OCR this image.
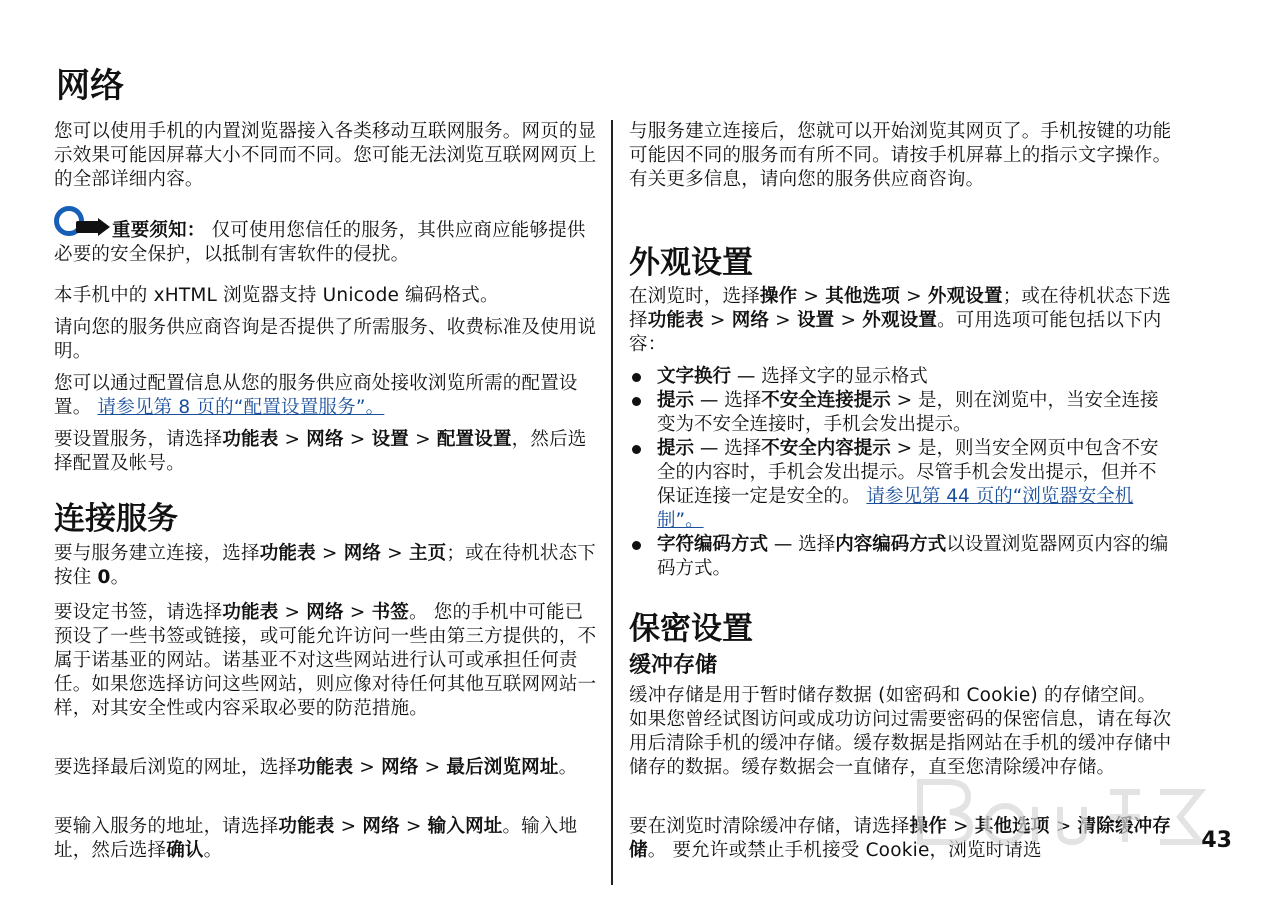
网络

您可以使用手机的内置浏览器接入各类移动互联网服务。网页的显示效果可能因屏幕大小不同而不同。您可能无法浏览互联网网页上的全部详细内容。

重要须知： 仅可使用您信任的服务，其供应商应能够提供必要的安全保护，以抵制有害软件的侵扰。

本手机中的 xHTML 浏览器支持 Unicode 编码格式。

请向您的服务供应商咨询是否提供了所需服务、收费标准及使用说明。

您可以通过配置信息从您的服务供应商处接收浏览所需的配置设置。 请参见第 8 页的“配置设置服务”。

要设置服务，请选择功能表 > 网络 > 设置 > 配置设置，然后选择配置及帐号。

连接服务

要与服务建立连接，选择功能表 > 网络 > 主页；或在待机状态下按住 0。

要设定书签，请选择功能表 > 网络 > 书签。 您的手机中可能已预设了一些书签或链接，或可能允许访问一些由第三方提供的，不属于诺基亚的网站。诺基亚不对这些网站进行认可或承担任何责任。如果您选择访问这些网站，则应像对待任何其他互联网网站一样，对其安全性或内容采取必要的防范措施。

要选择最后浏览的网址，选择功能表 > 网络 > 最后浏览网址。

要输入服务的地址，请选择功能表 > 网络 > 输入网址。输入地址，然后选择确认。

与服务建立连接后，您就可以开始浏览其网页了。手机按键的功能可能因不同的服务而有所不同。请按手机屏幕上的指示文字操作。有关更多信息，请向您的服务供应商咨询。

外观设置

在浏览时，选择操作 > 其他选项 > 外观设置；或在待机状态下选择功能表 > 网络 > 设置 > 外观设置。可用选项可能包括以下内容：

文字换行 — 选择文字的显示格式
提示 — 选择不安全连接提示 > 是，则在浏览中，当安全连接变为不安全连接时，手机会发出提示。
提示 — 选择不安全内容提示 > 是，则当安全网页中包含不安全的内容时，手机会发出提示。尽管手机会发出提示，但并不保证连接一定是安全的。 请参见第 44 页的“浏览器安全机制”。
字符编码方式 — 选择内容编码方式以设置浏览器网页内容的编码方式。
保密设置
缓冲存储

缓冲存储是用于暂时储存数据 (如密码和 Cookie) 的存储空间。如果您曾经试图访问或成功访问过需要密码的保密信息，请在每次用后清除手机的缓冲存储。缓存数据是指网站在手机的缓冲存储中储存的数据。缓存数据会一直储存，直至您清除缓冲存储。

要在浏览时清除缓冲存储，请选择操作 > 其他选项 > 清除缓冲存储。 要允许或禁止手机接受 Cookie，浏览时请选	43
